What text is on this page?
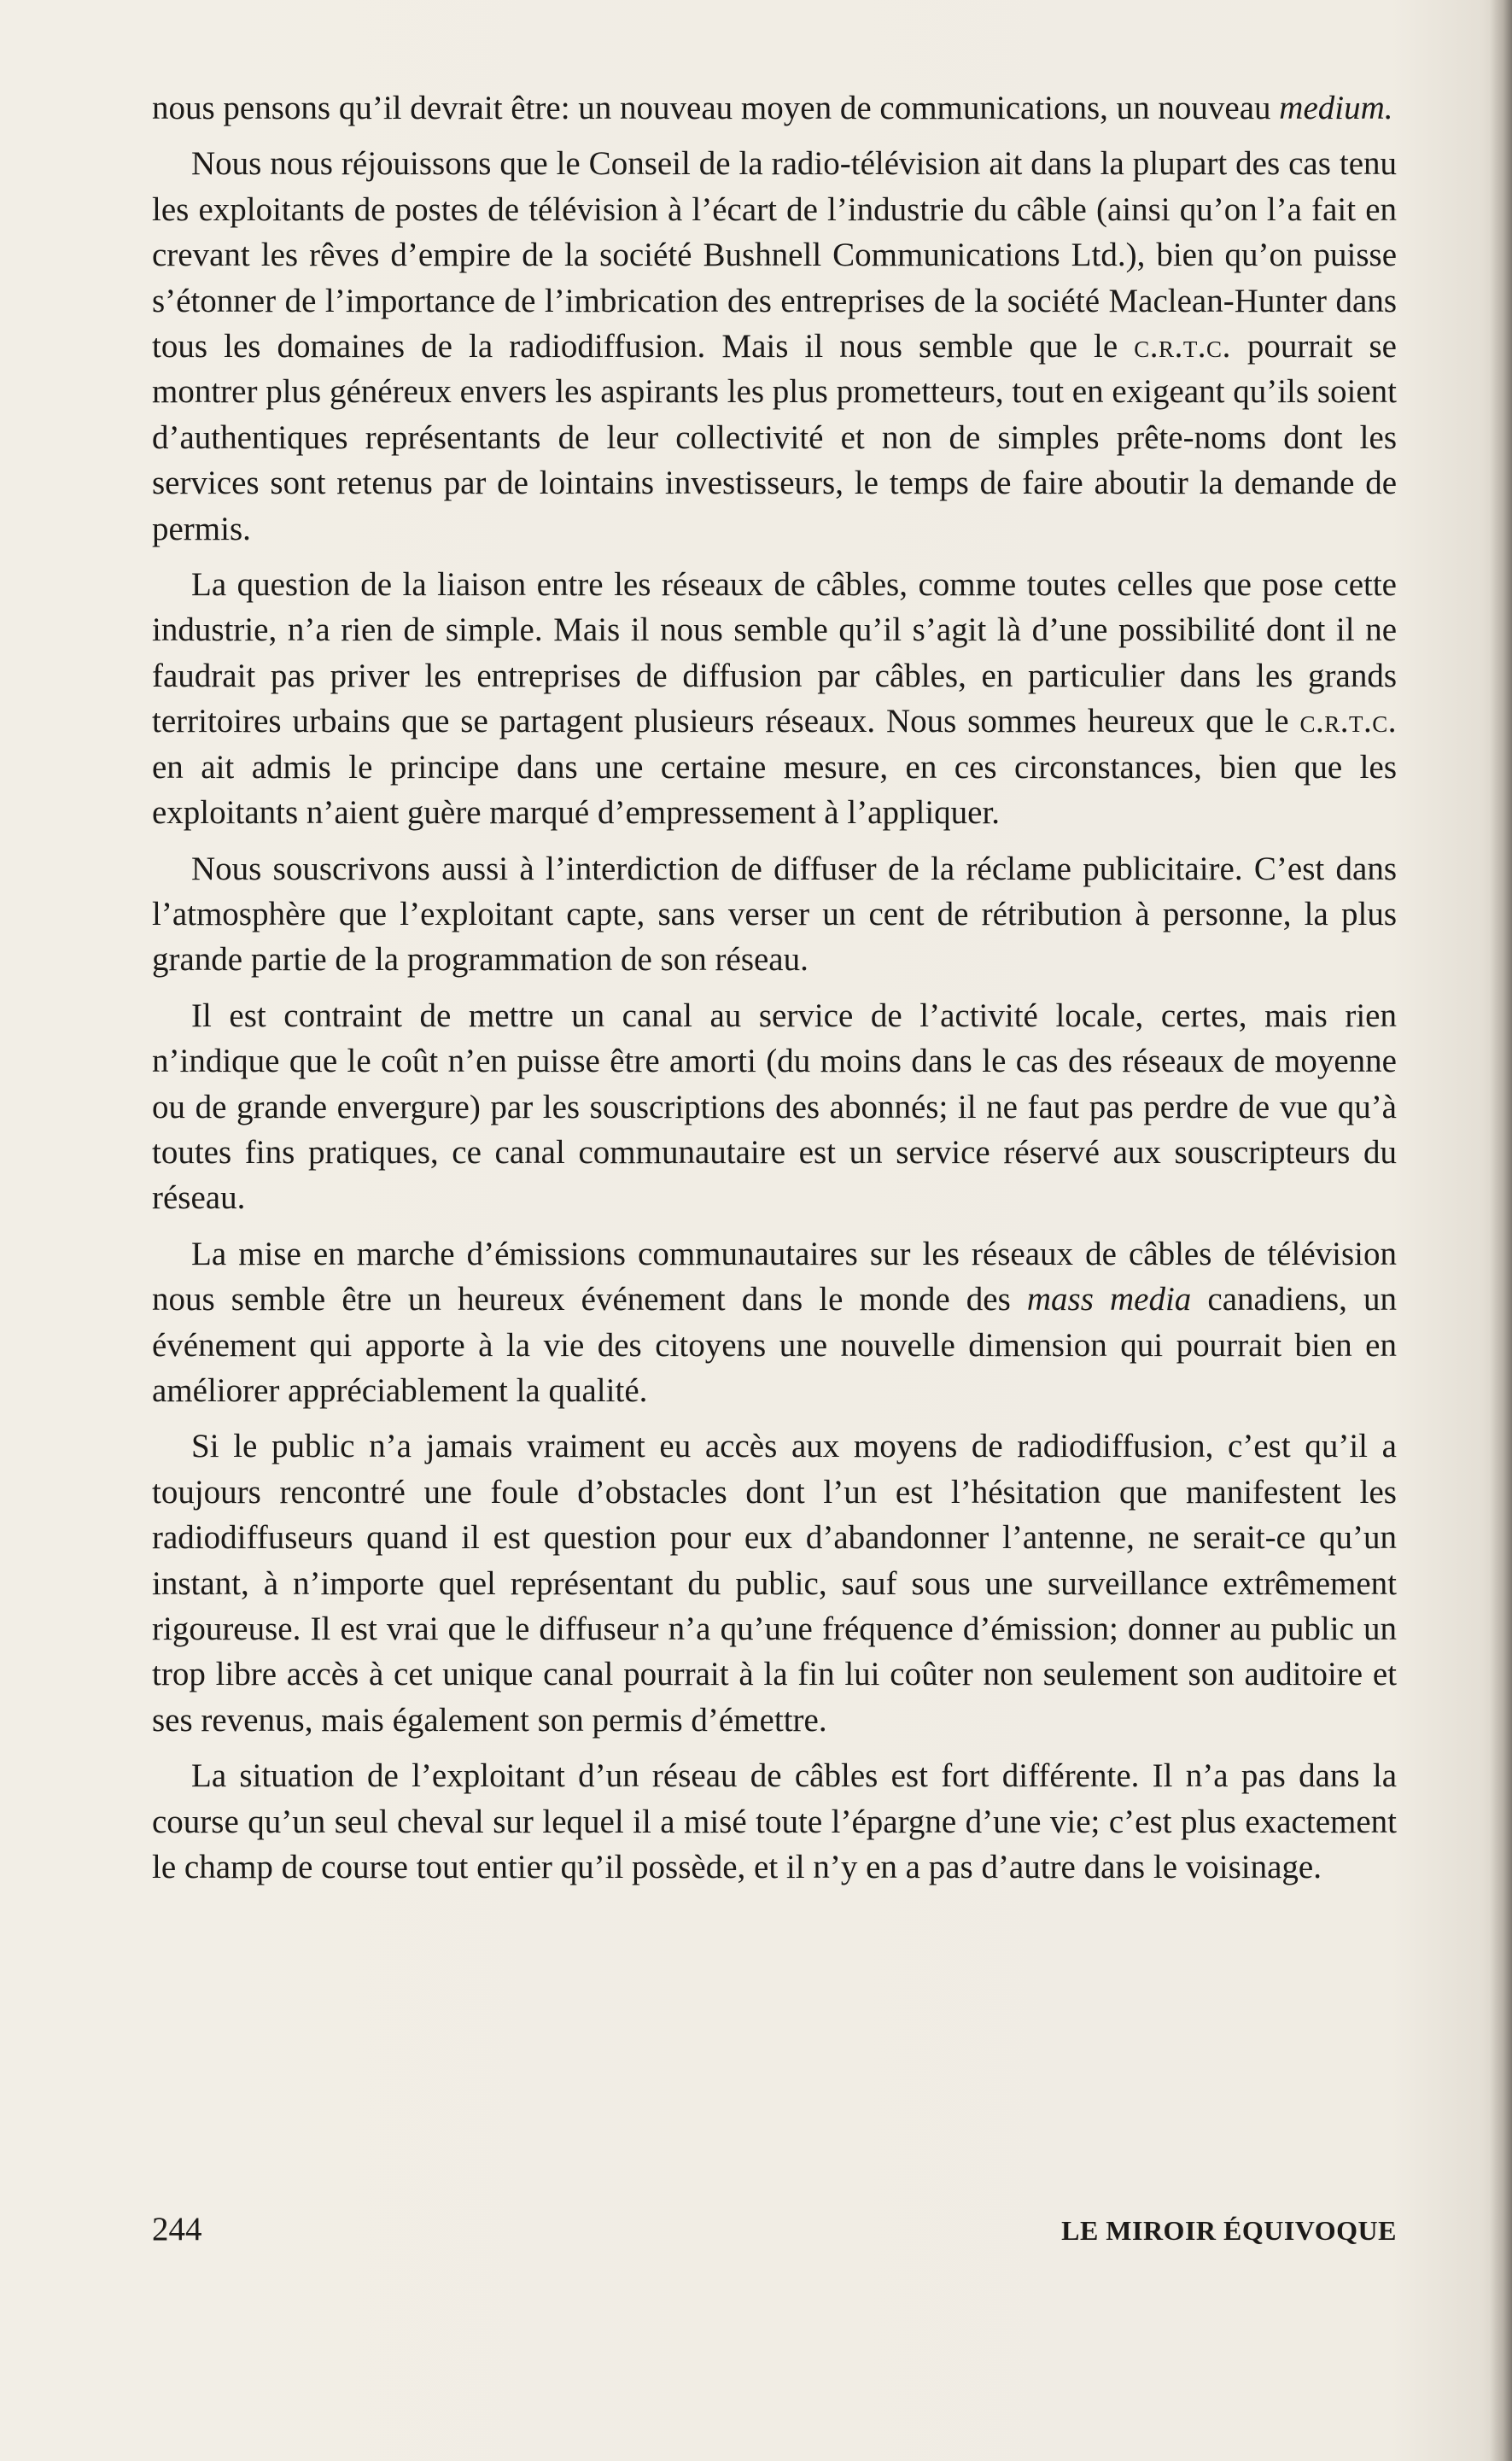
nous pensons qu’il devrait être: un nouveau moyen de communications, un nouveau medium.

Nous nous réjouissons que le Conseil de la radio-télévision ait dans la plupart des cas tenu les exploitants de postes de télévision à l’écart de l’industrie du câble (ainsi qu’on l’a fait en crevant les rêves d’empire de la société Bushnell Communications Ltd.), bien qu’on puisse s’étonner de l’importance de l’imbrication des entreprises de la société Maclean-Hunter dans tous les domaines de la radiodiffusion. Mais il nous semble que le c.r.t.c. pourrait se montrer plus généreux envers les aspirants les plus prometteurs, tout en exigeant qu’ils soient d’authentiques représentants de leur collectivité et non de simples prête-noms dont les services sont retenus par de lointains investisseurs, le temps de faire aboutir la demande de permis.

La question de la liaison entre les réseaux de câbles, comme toutes celles que pose cette industrie, n’a rien de simple. Mais il nous semble qu’il s’agit là d’une possibilité dont il ne faudrait pas priver les entreprises de diffusion par câbles, en particulier dans les grands territoires urbains que se partagent plusieurs réseaux. Nous sommes heureux que le c.r.t.c. en ait admis le principe dans une certaine mesure, en ces circonstances, bien que les exploitants n’aient guère marqué d’empressement à l’appliquer.

Nous souscrivons aussi à l’interdiction de diffuser de la réclame publicitaire. C’est dans l’atmosphère que l’exploitant capte, sans verser un cent de rétribution à personne, la plus grande partie de la programmation de son réseau.

Il est contraint de mettre un canal au service de l’activité locale, certes, mais rien n’indique que le coût n’en puisse être amorti (du moins dans le cas des réseaux de moyenne ou de grande envergure) par les souscriptions des abonnés; il ne faut pas perdre de vue qu’à toutes fins pratiques, ce canal communautaire est un service réservé aux souscripteurs du réseau.

La mise en marche d’émissions communautaires sur les réseaux de câbles de télévision nous semble être un heureux événement dans le monde des mass media canadiens, un événement qui apporte à la vie des citoyens une nouvelle dimension qui pourrait bien en améliorer appréciablement la qualité.

Si le public n’a jamais vraiment eu accès aux moyens de radiodiffusion, c’est qu’il a toujours rencontré une foule d’obstacles dont l’un est l’hésitation que manifestent les radiodiffuseurs quand il est question pour eux d’abandonner l’antenne, ne serait-ce qu’un instant, à n’importe quel représentant du public, sauf sous une surveillance extrêmement rigoureuse. Il est vrai que le diffuseur n’a qu’une fréquence d’émission; donner au public un trop libre accès à cet unique canal pourrait à la fin lui coûter non seulement son auditoire et ses revenus, mais également son permis d’émettre.

La situation de l’exploitant d’un réseau de câbles est fort différente. Il n’a pas dans la course qu’un seul cheval sur lequel il a misé toute l’épargne d’une vie; c’est plus exactement le champ de course tout entier qu’il possède, et il n’y en a pas d’autre dans le voisinage.

244	LE MIROIR ÉQUIVOQUE
